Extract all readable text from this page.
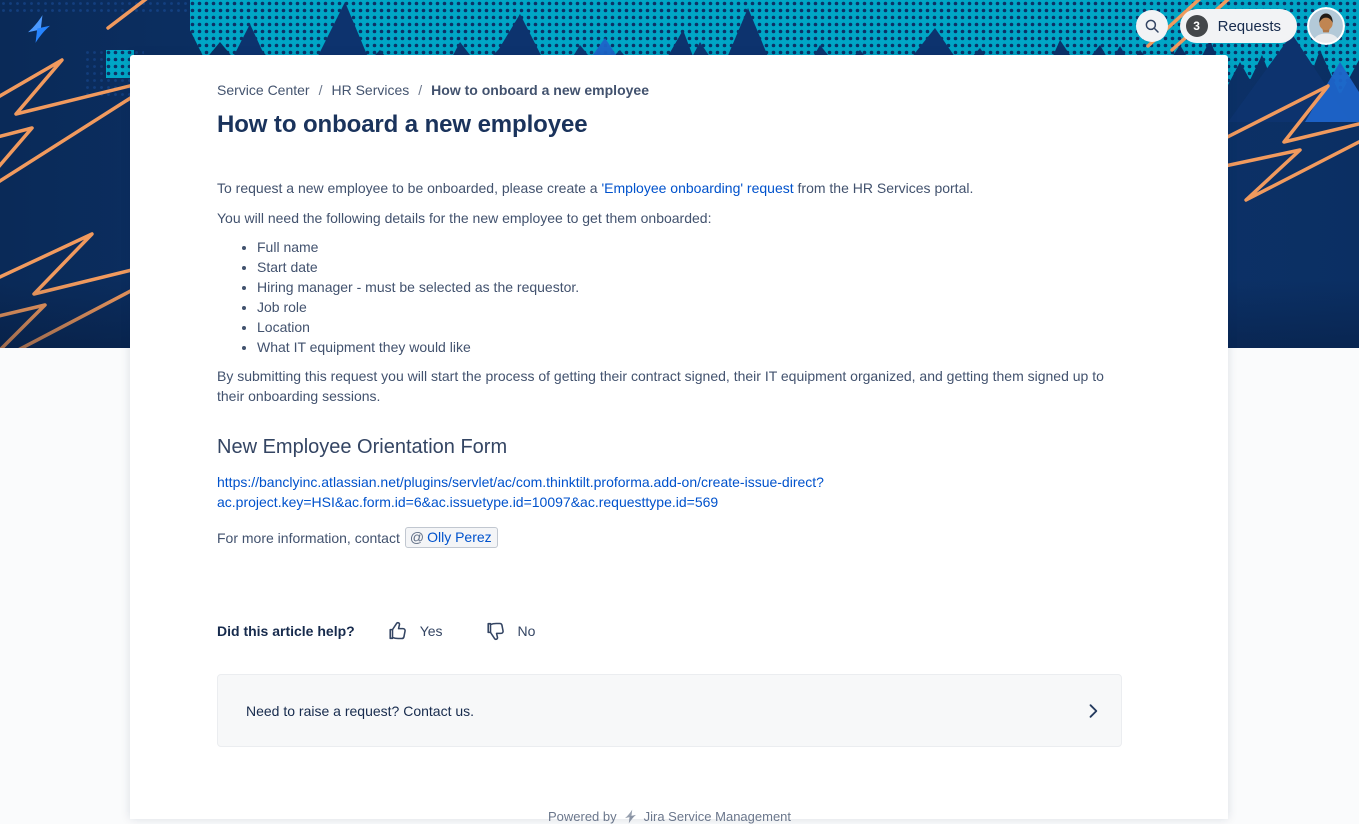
3	Requests
Service Center / HR Services / How to onboard a new employee
How to onboard a new employee

To request a new employee to be onboarded, please create a 'Employee onboarding' request from the HR Services portal.

You will need the following details for the new employee to get them onboarded:

• Full name
• Start date
• Hiring manager - must be selected as the requestor.
• Job role
• Location
• What IT equipment they would like

By submitting this request you will start the process of getting their contract signed, their IT equipment organized, and getting them signed up to their onboarding sessions.

New Employee Orientation Form

https://banclyinc.atlassian.net/plugins/servlet/ac/com.thinktilt.proforma.add-on/create-issue-direct?
ac.project.key=HSI&ac.form.id=6&ac.issuetype.id=10097&ac.requesttype.id=569

For more information, contact @ Olly Perez

Did this article help?	Yes	No
Need to raise a request? Contact us.
Powered by Jira Service Management
